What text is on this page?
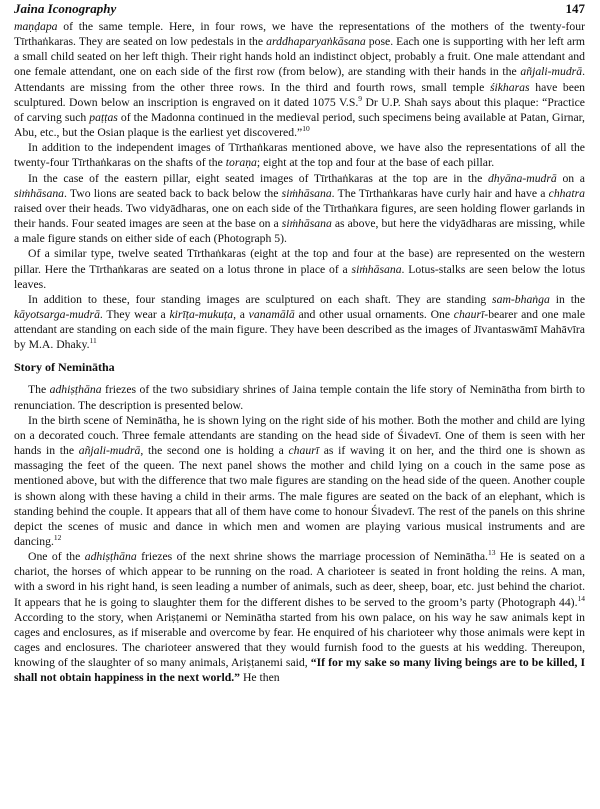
Jaina Iconography	147

maṇḍapa of the same temple. Here, in four rows, we have the representations of the mothers of the twenty-four Tīrthaṅkaras. They are seated on low pedestals in the arddhaparyaṅkāsana pose. Each one is supporting with her left arm a small child seated on her left thigh. Their right hands hold an indistinct object, probably a fruit. One male attendant and one female attendant, one on each side of the first row (from below), are standing with their hands in the añjali-mudrā. Attendants are missing from the other three rows. In the third and fourth rows, small temple śikharas have been sculptured. Down below an inscription is engraved on it dated 1075 V.S.$^9$ Dr U.P. Shah says about this plaque: “Practice of carving such paṭṭas of the Madonna continued in the medieval period, such specimens being available at Patan, Girnar, Abu, etc., but the Osian plaque is the earliest yet discovered.”$^{10}$

In addition to the independent images of Tīrthaṅkaras mentioned above, we have also the representations of all the twenty-four Tīrthaṅkaras on the shafts of the toraṇa; eight at the top and four at the base of each pillar.

In the case of the eastern pillar, eight seated images of Tīrthaṅkaras at the top are in the dhyāna-mudrā on a siṁhāsana. Two lions are seated back to back below the siṁhāsana. The Tīrthaṅkaras have curly hair and have a chhatra raised over their heads. Two vidyādharas, one on each side of the Tīrthaṅkara figures, are seen holding flower garlands in their hands. Four seated images are seen at the base on a siṁhāsana as above, but here the vidyādharas are missing, while a male figure stands on either side of each (Photograph 5).

Of a similar type, twelve seated Tīrthaṅkaras (eight at the top and four at the base) are represented on the western pillar. Here the Tīrthaṅkaras are seated on a lotus throne in place of a siṁhāsana. Lotus-stalks are seen below the lotus leaves.

In addition to these, four standing images are sculptured on each shaft. They are standing sam-bhaṅga in the kāyotsarga-mudrā. They wear a kirīṭa-mukuṭa, a vanamālā and other usual ornaments. One chaurī-bearer and one male attendant are standing on each side of the main figure. They have been described as the images of Jīvantaswāmī Mahāvīra by M.A. Dhaky.$^{11}$

Story of Neminātha

The adhiṣṭhāna friezes of the two subsidiary shrines of Jaina temple contain the life story of Neminātha from birth to renunciation. The description is presented below.

In the birth scene of Neminātha, he is shown lying on the right side of his mother. Both the mother and child are lying on a decorated couch. Three female attendants are standing on the head side of Śivadevī. One of them is seen with her hands in the añjali-mudrā, the second one is holding a chaurī as if waving it on her, and the third one is shown as massaging the feet of the queen. The next panel shows the mother and child lying on a couch in the same pose as mentioned above, but with the difference that two male figures are standing on the head side of the queen. Another couple is shown along with these having a child in their arms. The male figures are seated on the back of an elephant, which is standing behind the couple. It appears that all of them have come to honour Śivadevī. The rest of the panels on this shrine depict the scenes of music and dance in which men and women are playing various musical instruments and are dancing.$^{12}$

One of the adhiṣṭhāna friezes of the next shrine shows the marriage procession of Neminātha.$^{13}$ He is seated on a chariot, the horses of which appear to be running on the road. A charioteer is seated in front holding the reins. A man, with a sword in his right hand, is seen leading a number of animals, such as deer, sheep, boar, etc. just behind the chariot. It appears that he is going to slaughter them for the different dishes to be served to the groom’s party (Photograph 44).$^{14}$ According to the story, when Ariṣṭanemi or Neminātha started from his own palace, on his way he saw animals kept in cages and enclosures, as if miserable and overcome by fear. He enquired of his charioteer why those animals were kept in cages and enclosures. The charioteer answered that they would furnish food to the guests at his wedding. Thereupon, knowing of the slaughter of so many animals, Ariṣṭanemi said, “If for my sake so many living beings are to be killed, I shall not obtain happiness in the next world.” He then
